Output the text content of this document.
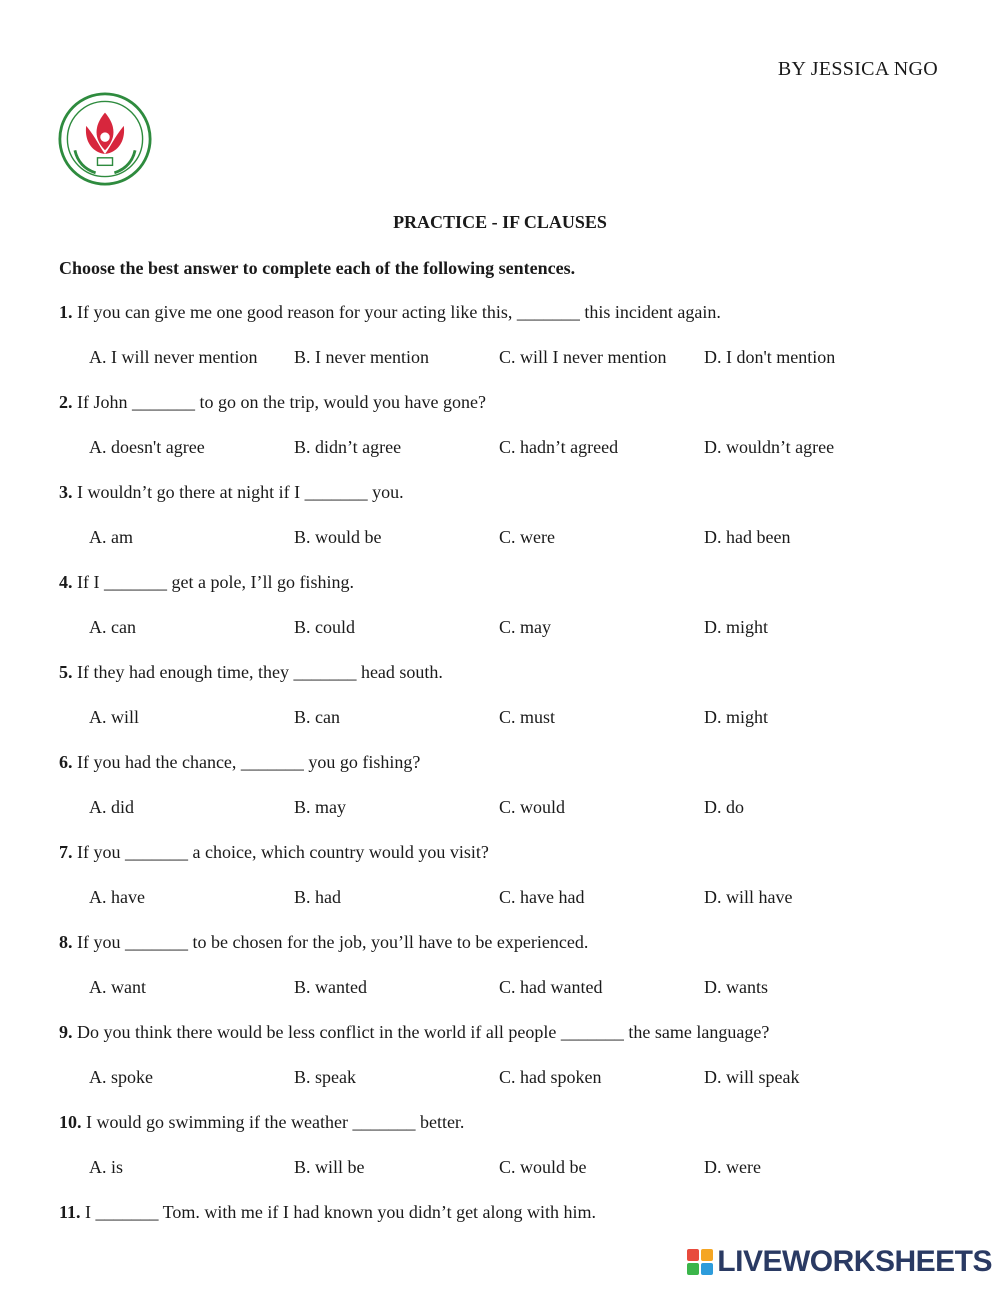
BY JESSICA NGO
PRACTICE - IF CLAUSES
Choose the best answer to complete each of the following sentences.
1. If you can give me one good reason for your acting like this, _______ this incident again.
A. I will never mention B. I never mention	C. will I never mention D. I don't mention
2. If John _______ to go on the trip, would you have gone?
A. doesn't agree	B. didn’t agree	C. hadn’t agreed	D. wouldn’t agree
3. I wouldn’t go there at night if I _______ you.
A. am	B. would be	C. were	D. had been
4. If I _______ get a pole, I’ll go fishing.
A. can	B. could	C. may	D. might
5. If they had enough time, they _______ head south.
A. will	B. can	C. must	D. might
6. If you had the chance, _______ you go fishing?
A. did	B. may	C. would	D. do
7. If you _______ a choice, which country would you visit?
A. have	B. had	C. have had	D. will have
8. If you _______ to be chosen for the job, you’ll have to be experienced.
A. want	B. wanted	C. had wanted	D. wants
9. Do you think there would be less conflict in the world if all people _______ the same language?
A. spoke	B. speak	C. had spoken	D. will speak
10. I would go swimming if the weather _______ better.
A. is	B. will be	C. would be	D. were
11. I _______ Tom. with me if I had known you didn’t get along with him.
LIVEWORKSHEETS
